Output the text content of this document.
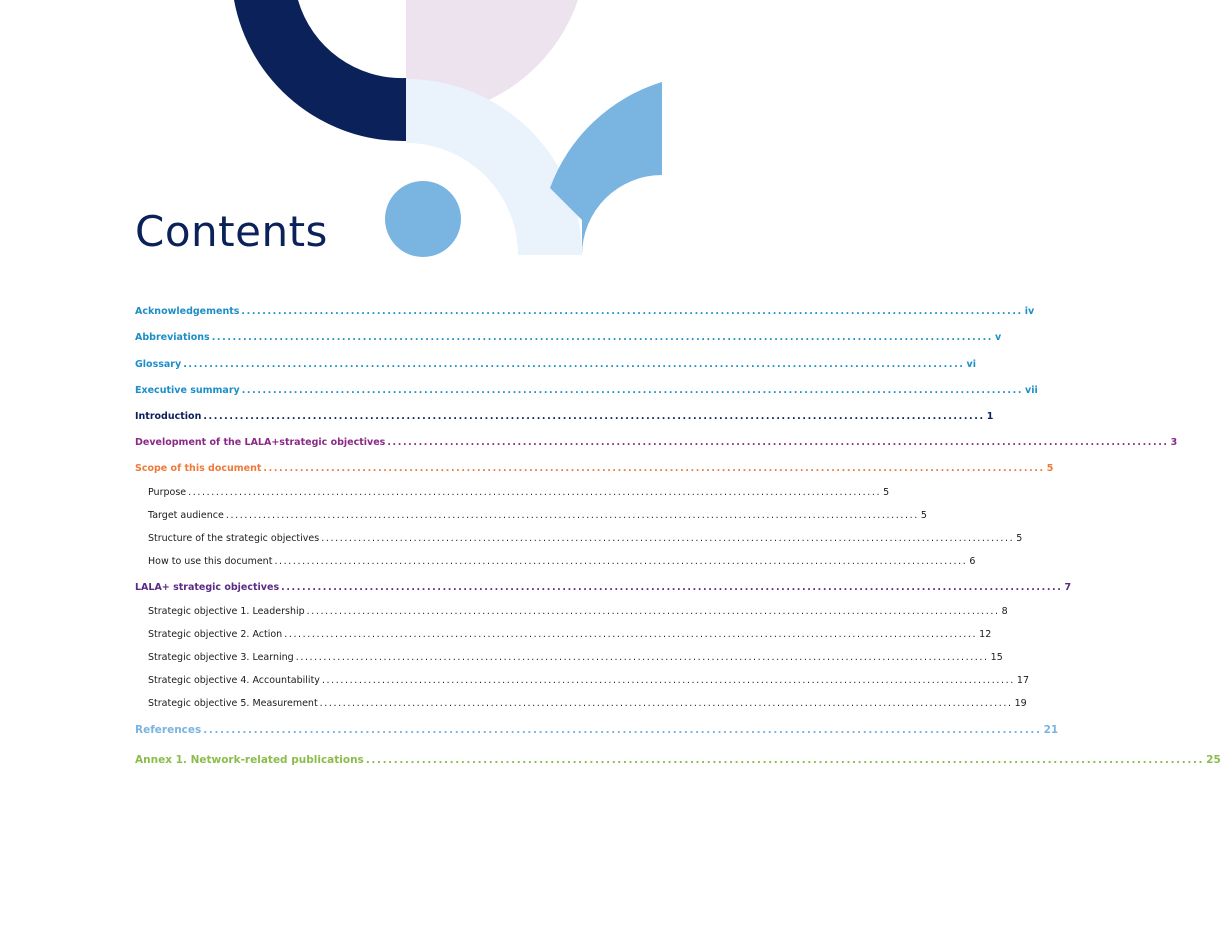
Contents
Acknowledgements ...................................................................................................................................................... iv
Abbreviations ...................................................................................................................................................... v
Glossary ...................................................................................................................................................... vi
Executive summary ...................................................................................................................................................... vii
Introduction ...................................................................................................................................................... 1
Development of the LALA+strategic objectives ...................................................................................................................................................... 3
Scope of this document ...................................................................................................................................................... 5
Purpose ...................................................................................................................................................... 5
Target audience ...................................................................................................................................................... 5
Structure of the strategic objectives ...................................................................................................................................................... 5
How to use this document ...................................................................................................................................................... 6
LALA+ strategic objectives ...................................................................................................................................................... 7
Strategic objective 1. Leadership ...................................................................................................................................................... 8
Strategic objective 2. Action ...................................................................................................................................................... 12
Strategic objective 3. Learning ...................................................................................................................................................... 15
Strategic objective 4. Accountability ...................................................................................................................................................... 17
Strategic objective 5. Measurement ...................................................................................................................................................... 19
References ...................................................................................................................................................... 21
Annex 1. Network-related publications ...................................................................................................................................................... 25
